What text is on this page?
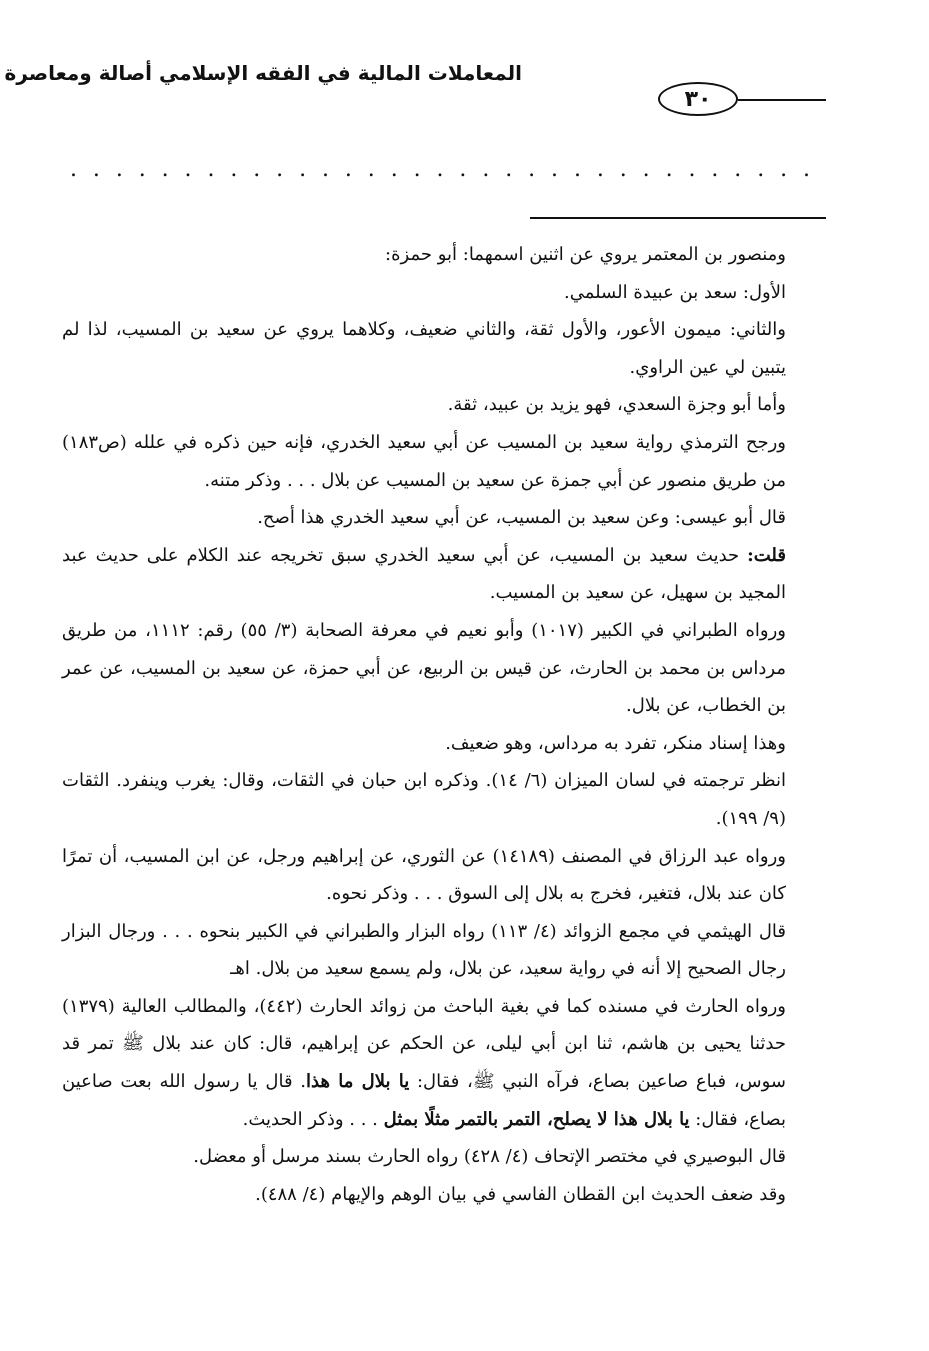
المعاملات المالية في الفقه الإسلامي أصالة ومعاصرة
٣٠
. . . . . . . . . . . . . . . . . . . . . . . . . . . . . . . . .

ومنصور بن المعتمر يروي عن اثنين اسمهما: أبو حمزة:

الأول: سعد بن عبيدة السلمي.

والثاني: ميمون الأعور، والأول ثقة، والثاني ضعيف، وكلاهما يروي عن سعيد بن المسيب، لذا لم يتبين لي عين الراوي.

وأما أبو وجزة السعدي، فهو يزيد بن عبيد، ثقة.

ورجح الترمذي رواية سعيد بن المسيب عن أبي سعيد الخدري، فإنه حين ذكره في علله (ص١٨٣) من طريق منصور عن أبي جمزة عن سعيد بن المسيب عن بلال . . . وذكر متنه.

قال أبو عيسى: وعن سعيد بن المسيب، عن أبي سعيد الخدري هذا أصح.

قلت: حديث سعيد بن المسيب، عن أبي سعيد الخدري سبق تخريجه عند الكلام على حديث عبد المجيد بن سهيل، عن سعيد بن المسيب.

ورواه الطبراني في الكبير (١٠١٧) وأبو نعيم في معرفة الصحابة (٣/ ٥٥) رقم: ١١١٢، من طريق مرداس بن محمد بن الحارث، عن قيس بن الربيع، عن أبي حمزة، عن سعيد بن المسيب، عن عمر بن الخطاب، عن بلال.

وهذا إسناد منكر، تفرد به مرداس، وهو ضعيف.

انظر ترجمته في لسان الميزان (٦/ ١٤). وذكره ابن حبان في الثقات، وقال: يغرب وينفرد. الثقات (٩/ ١٩٩).

ورواه عبد الرزاق في المصنف (١٤١٨٩) عن الثوري، عن إبراهيم ورجل، عن ابن المسيب، أن تمرًا كان عند بلال، فتغير، فخرج به بلال إلى السوق . . . وذكر نحوه.

قال الهيثمي في مجمع الزوائد (٤/ ١١٣) رواه البزار والطبراني في الكبير بنحوه . . . ورجال البزار رجال الصحيح إلا أنه في رواية سعيد، عن بلال، ولم يسمع سعيد من بلال. اهـ

ورواه الحارث في مسنده كما في بغية الباحث من زوائد الحارث (٤٤٢)، والمطالب العالية (١٣٧٩) حدثنا يحيى بن هاشم، ثنا ابن أبي ليلى، عن الحكم عن إبراهيم، قال: كان عند بلال ﷺ تمر قد سوس، فباع صاعين بصاع، فرآه النبي ﷺ، فقال: يا بلال ما هذا. قال يا رسول الله بعت صاعين بصاع، فقال: يا بلال هذا لا يصلح، التمر بالتمر مثلًا بمثل . . . وذكر الحديث.

قال البوصيري في مختصر الإتحاف (٤/ ٤٢٨) رواه الحارث بسند مرسل أو معضل.

وقد ضعف الحديث ابن القطان الفاسي في بيان الوهم والإيهام (٤/ ٤٨٨).
